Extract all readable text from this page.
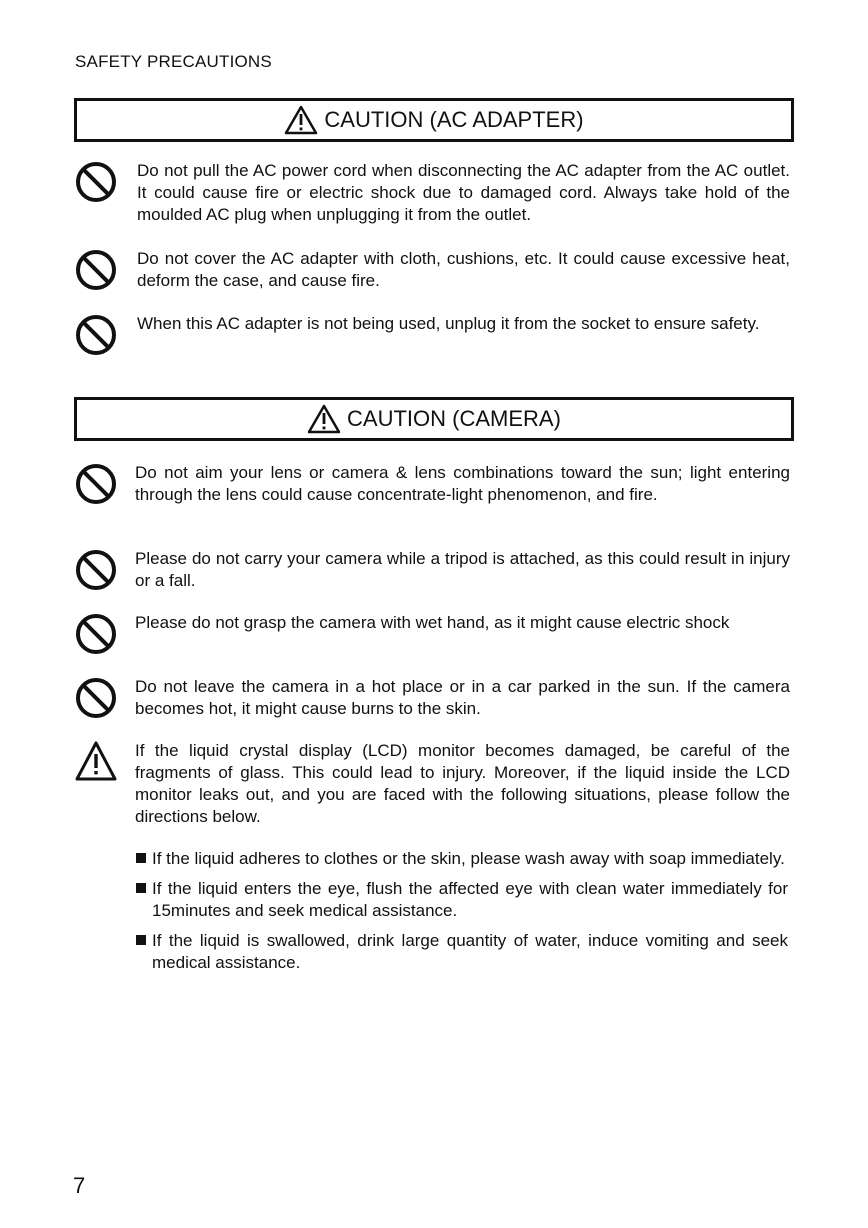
SAFETY PRECAUTIONS
CAUTION (AC ADAPTER)
Do not pull the AC power cord when disconnecting the AC adapter from the AC outlet. It could cause fire or electric shock due to damaged cord. Always take hold of the moulded AC plug when unplugging it from the outlet.
Do not cover the AC adapter with cloth, cushions, etc. It could cause excessive heat, deform the case, and cause fire.
When this AC adapter is not being used, unplug it from the socket to ensure safety.
CAUTION (CAMERA)
Do not aim your lens or camera & lens combinations toward the sun; light entering through the lens could cause concentrate-light phenomenon, and fire.
Please do not carry your camera while a tripod is attached, as this could result in injury or a fall.
Please do not grasp the camera with wet hand, as it might cause electric shock
Do not leave the camera in a hot place or in a car parked in the sun. If the camera becomes hot, it might cause burns to the skin.
If the liquid crystal display (LCD) monitor becomes damaged, be careful of the fragments of glass. This could lead to injury. Moreover, if the liquid inside the LCD monitor leaks out, and you are faced with the following situations, please follow the directions below.
If the liquid adheres to clothes or the skin, please wash away with soap immediately.
If the liquid enters the eye, flush the affected eye with clean water immediately for 15minutes and seek medical assistance.
If the liquid is swallowed, drink large quantity of water, induce vomiting and seek medical assistance.
7
